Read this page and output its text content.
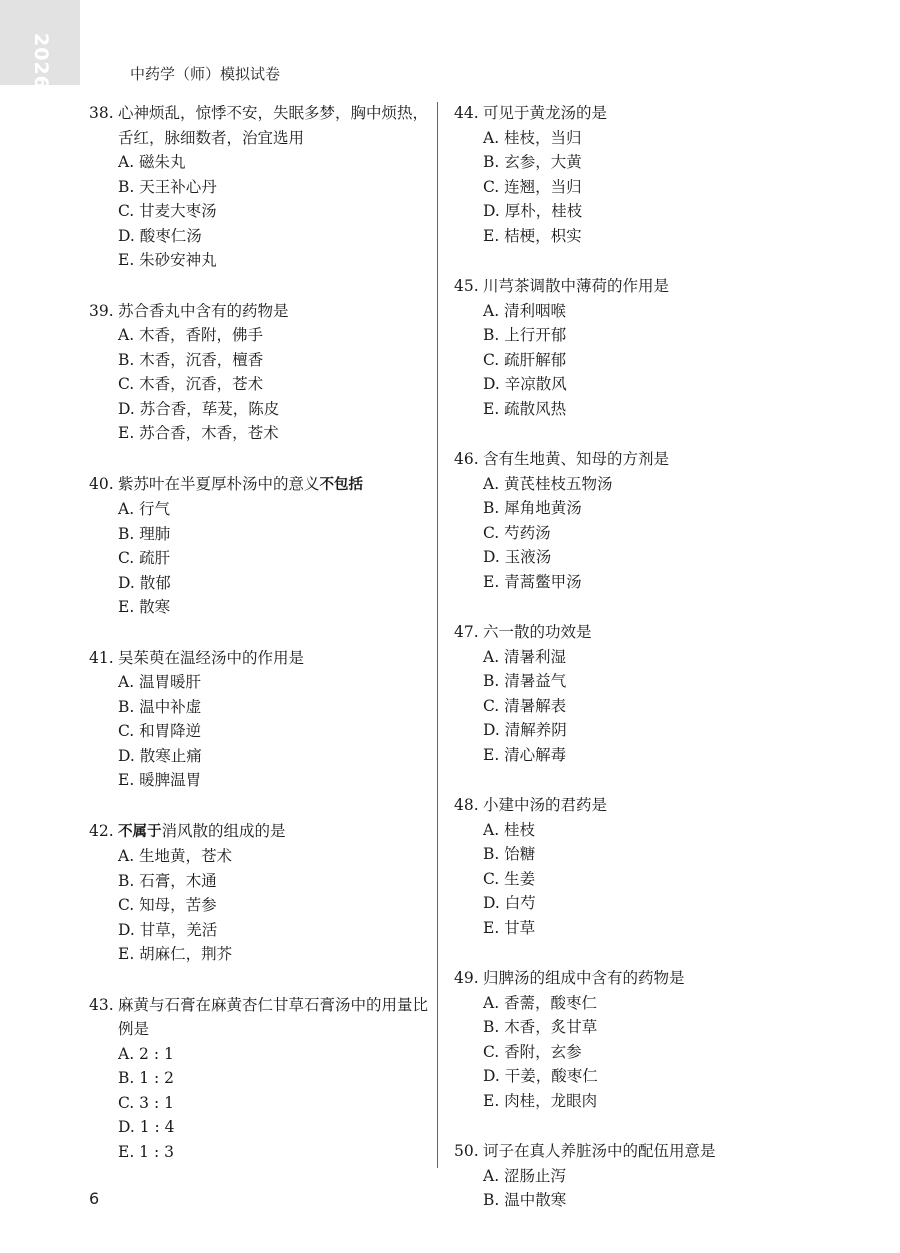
2026	中药学（师）模拟试卷
38. 心神烦乱，惊悸不安，失眠多梦，胸中烦热，舌红，脉细数者，治宜选用
A. 磁朱丸
B. 天王补心丹
C. 甘麦大枣汤
D. 酸枣仁汤
E. 朱砂安神丸
39. 苏合香丸中含有的药物是
A. 木香，香附，佛手
B. 木香，沉香，檀香
C. 木香，沉香，苍术
D. 苏合香，荜茇，陈皮
E. 苏合香，木香，苍术
40. 紫苏叶在半夏厚朴汤中的意义不包括
A. 行气
B. 理肺
C. 疏肝
D. 散郁
E. 散寒
41. 吴茱萸在温经汤中的作用是
A. 温胃暖肝
B. 温中补虚
C. 和胃降逆
D. 散寒止痛
E. 暖脾温胃
42. 不属于消风散的组成的是
A. 生地黄，苍术
B. 石膏，木通
C. 知母，苦参
D. 甘草，羌活
E. 胡麻仁，荆芥
43. 麻黄与石膏在麻黄杏仁甘草石膏汤中的用量比例是
A. 2 : 1
B. 1 : 2
C. 3 : 1
D. 1 : 4
E. 1 : 3
44. 可见于黄龙汤的是
A. 桂枝，当归
B. 玄参，大黄
C. 连翘，当归
D. 厚朴，桂枝
E. 桔梗，枳实
45. 川芎茶调散中薄荷的作用是
A. 清利咽喉
B. 上行开郁
C. 疏肝解郁
D. 辛凉散风
E. 疏散风热
46. 含有生地黄、知母的方剂是
A. 黄芪桂枝五物汤
B. 犀角地黄汤
C. 芍药汤
D. 玉液汤
E. 青蒿鳖甲汤
47. 六一散的功效是
A. 清暑利湿
B. 清暑益气
C. 清暑解表
D. 清解养阴
E. 清心解毒
48. 小建中汤的君药是
A. 桂枝
B. 饴糖
C. 生姜
D. 白芍
E. 甘草
49. 归脾汤的组成中含有的药物是
A. 香薷，酸枣仁
B. 木香，炙甘草
C. 香附，玄参
D. 干姜，酸枣仁
E. 肉桂，龙眼肉
50. 诃子在真人养脏汤中的配伍用意是
A. 涩肠止泻
B. 温中散寒
6
